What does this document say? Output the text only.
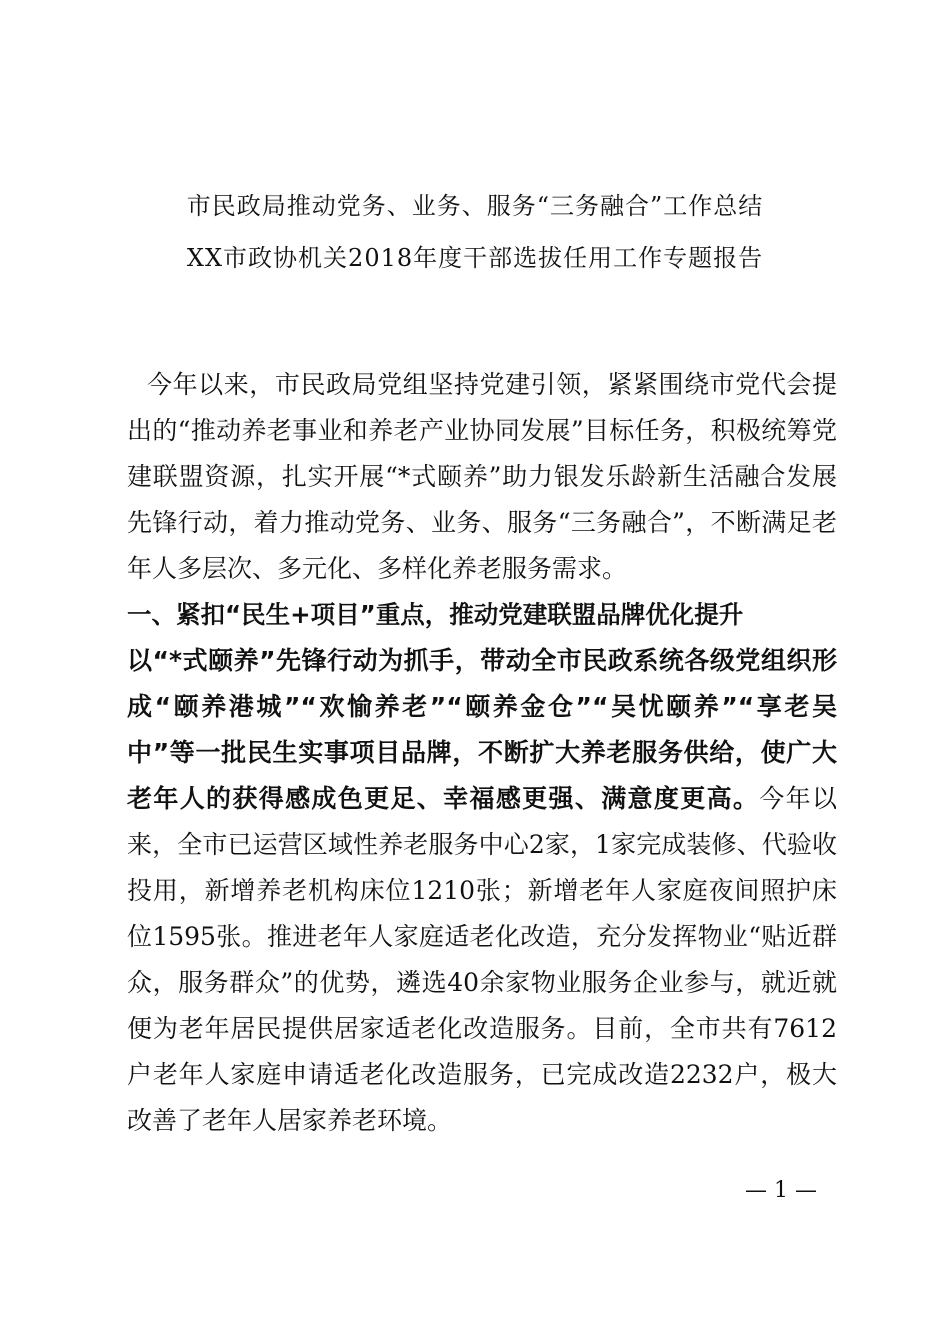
市民政局推动党务、业务、服务“三务融合”工作总结
XX市政协机关2018年度干部选拔任用工作专题报告

今年以来，市民政局党组坚持党建引领，紧紧围绕市党代会提出的“推动养老事业和养老产业协同发展”目标任务，积极统筹党建联盟资源，扎实开展“*式颐养”助力银发乐龄新生活融合发展先锋行动，着力推动党务、业务、服务“三务融合”，不断满足老年人多层次、多元化、多样化养老服务需求。

一、紧扣“民生+项目”重点，推动党建联盟品牌优化提升

以“*式颐养”先锋行动为抓手，带动全市民政系统各级党组织形成“颐养港城”“欢愉养老”“颐养金仓”“吴忧颐养”“享老吴中”等一批民生实事项目品牌，不断扩大养老服务供给，使广大老年人的获得感成色更足、幸福感更强、满意度更高。今年以来，全市已运营区域性养老服务中心2家，1家完成装修、代验收投用，新增养老机构床位1210张；新增老年人家庭夜间照护床位1595张。推进老年人家庭适老化改造，充分发挥物业“贴近群众，服务群众”的优势，遴选40余家物业服务企业参与，就近就便为老年居民提供居家适老化改造服务。目前，全市共有7612户老年人家庭申请适老化改造服务，已完成改造2232户，极大改善了老年人居家养老环境。

— 1 —
